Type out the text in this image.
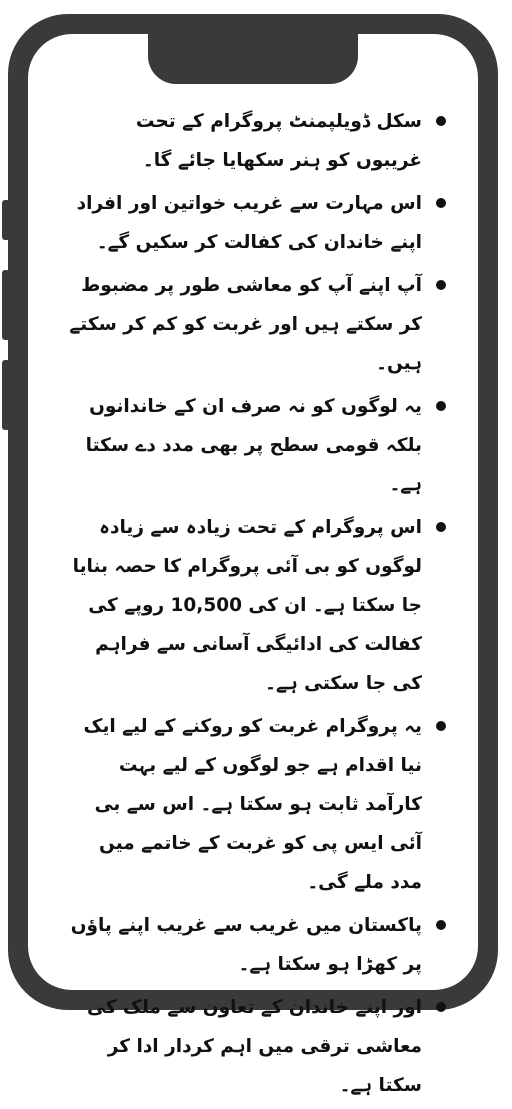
سکل ڈویلپمنٹ پروگرام کے تحت غریبوں کو ہنر سکھایا جائے گا۔
اس مہارت سے غریب خواتین اور افراد اپنے خاندان کی کفالت کر سکیں گے۔
آپ اپنے آپ کو معاشی طور پر مضبوط کر سکتے ہیں اور غربت کو کم کر سکتے ہیں۔
یہ لوگوں کو نہ صرف ان کے خاندانوں بلکہ قومی سطح پر بھی مدد دے سکتا ہے۔
اس پروگرام کے تحت زیادہ سے زیادہ لوگوں کو بی آئی پروگرام کا حصہ بنایا جا سکتا ہے۔ ان کی 10,500 روپے کی کفالت کی ادائیگی آسانی سے فراہم کی جا سکتی ہے۔
یہ پروگرام غربت کو روکنے کے لیے ایک نیا اقدام ہے جو لوگوں کے لیے بہت کارآمد ثابت ہو سکتا ہے۔ اس سے بی آئی ایس پی کو غربت کے خاتمے میں مدد ملے گی۔
پاکستان میں غریب سے غریب اپنے پاؤں پر کھڑا ہو سکتا ہے۔
اور اپنے خاندان کے تعاون سے ملک کی معاشی ترقی میں اہم کردار ادا کر سکتا ہے۔
